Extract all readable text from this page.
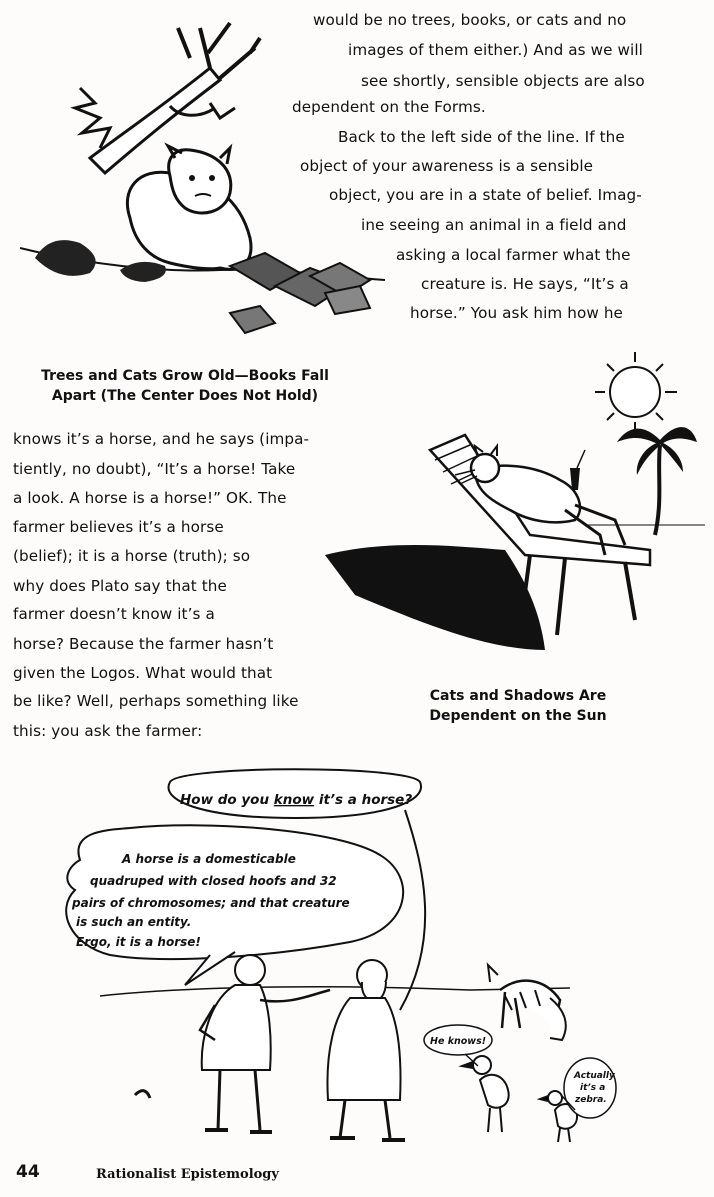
would be no trees, books, or cats and no
images of them either.) And as we will
see shortly, sensible objects are also
dependent on the Forms.
Back to the left side of the line. If the
object of your awareness is a sensible
object, you are in a state of belief. Imag-
ine seeing an animal in a field and
asking a local farmer what the
creature is. He says, “It’s a
horse.” You ask him how he
Trees and Cats Grow Old—Books Fall
Apart (The Center Does Not Hold)
knows it’s a horse, and he says (impa-
tiently, no doubt), “It’s a horse! Take
a look. A horse is a horse!” OK. The
farmer believes it’s a horse
(belief); it is a horse (truth); so
why does Plato say that the
farmer doesn’t know it’s a
horse? Because the farmer hasn’t
given the Logos. What would that
be like? Well, perhaps something like
this: you ask the farmer:
Cats and Shadows Are
Dependent on the Sun
How do you know it’s a horse?
A horse is a domesticable quadruped with closed hoofs and 32 pairs of chromosomes; and that creature is such an entity. Ergo, it is a horse!
He knows!
Actually it’s a zebra.
44	Rationalist Epistemology
